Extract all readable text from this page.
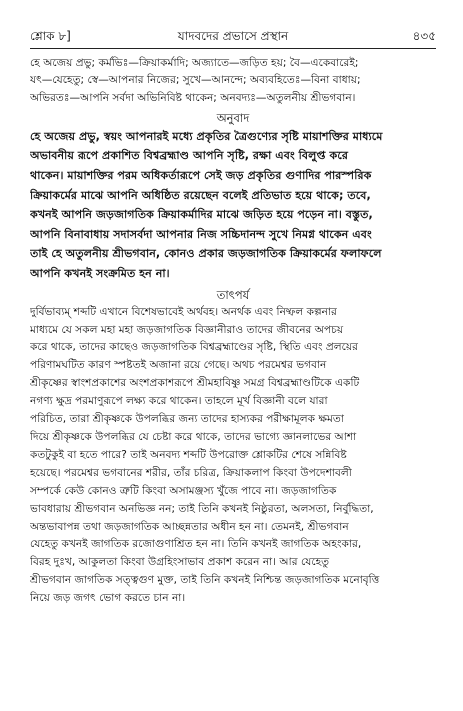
শ্লোক ৮]	যাদবদের প্রভাসে প্রস্থান	৪৩৫

হে অজেয় প্রভু; কর্মভিঃ—ক্রিয়াকর্মাদি; অজ্যাতে—জড়িত হয়; বৈ—একেবারেই;
যৎ—যেহেতু; স্বে—আপনার নিজের; সুখে—আনন্দে; অব্যবহিতেঃ—বিনা বাধায়;
অভিরতঃ—আপনি সর্বদা অভিনিবিষ্ট থাকেন; অনবদ্যঃ—অতুলনীয় শ্রীভগবান।

অনুবাদ

হে অজেয় প্রভু, স্বয়ং আপনারই মধ্যে প্রকৃতির ত্রৈগুণ্যের সৃষ্টি মায়াশক্তির মাধ্যমে
অভাবনীয় রূপে প্রকাশিত বিশ্বব্রহ্মাণ্ড আপনি সৃষ্টি, রক্ষা এবং বিলুপ্ত করে
থাকেন। মায়াশক্তির পরম অধিকর্তারূপে সেই জড় প্রকৃতির গুণাদির পারস্পরিক
ক্রিয়াকর্মের মাঝে আপনি অধিষ্ঠিত রয়েছেন বলেই প্রতিভাত হয়ে থাকে; তবে,
কখনই আপনি জড়জাগতিক ক্রিয়াকর্মাদির মাঝে জড়িত হয়ে পড়েন না। বস্তুত,
আপনি বিনাবাধায় সদাসর্বদা আপনার নিজ সচ্চিদানন্দ সুখে নিমগ্ন থাকেন এবং
তাই হে অতুলনীয় শ্রীভগবান, কোনও প্রকার জড়জাগতিক ক্রিয়াকর্মের ফলাফলে
আপনি কখনই সংক্রমিত হন না।

তাৎপর্য

দুর্বিভাব্যম্ শব্দটি এখানে বিশেষভাবেই অর্থবহ। অনর্থক এবং নিষ্ফল কল্পনার
মাধ্যমে যে সকল মহা মহা জড়জাগতিক বিজ্ঞানীরাও তাদের জীবনের অপচয়
করে থাকে, তাদের কাছেও জড়জাগতিক বিশ্বব্রহ্মাণ্ডের সৃষ্টি, স্থিতি এবং প্রলয়ের
পরিণামঘটিত কারণ স্পষ্টতই অজানা রয়ে গেছে। অথচ পরমেশ্বর ভগবান
শ্রীকৃষ্ণের স্বাংশপ্রকাশের অংশপ্রকাশরূপে শ্রীমহাবিষ্ণু সমগ্র বিশ্বব্রহ্মাণ্ডটিকে একটি
নগণ্য ক্ষুদ্র পরমাণুরূপে লক্ষ্য করে থাকেন। তাহলে মূর্খ বিজ্ঞানী বলে যারা
পরিচিত, তারা শ্রীকৃষ্ণকে উপলব্ধির জন্য তাদের হাস্যকর পরীক্ষামূলক ক্ষমতা
দিয়ে শ্রীকৃষ্ণকে উপলব্ধির যে চেষ্টা করে থাকে, তাদের ভাগ্যে জ্ঞানলাভের আশা
কতটুকুই বা হতে পারে? তাই অনবদ্য শব্দটি উপরোক্ত শ্লোকটির শেষে সন্নিবিষ্ট
হয়েছে। পরমেশ্বর ভগবানের শরীর, তাঁর চরিত্র, ক্রিয়াকলাপ কিংবা উপদেশাবলী
সম্পর্কে কেউ কোনও ত্রুটি কিংবা অসামঞ্জস্য খুঁজে পাবে না। জড়জাগতিক
ভাবধারায় শ্রীভগবান অনভিজ্ঞ নন; তাই তিনি কখনই নিষ্ঠুরতা, অলসতা, নির্বুদ্ধিতা,
অন্তভাবাপন্ন তথা জড়জাগতিক আচ্ছন্নতার অধীন হন না। তেমনই, শ্রীভগবান
যেহেতু কখনই জাগতিক রজোগুণাশ্রিত হন না। তিনি কখনই জাগতিক অহংকার,
বিরহ দুঃখ, আকুলতা কিংবা উগ্রহিংসাভাব প্রকাশ করেন না। আর যেহেতু
শ্রীভগবান জাগতিক সত্ত্বগুণ মুক্ত, তাই তিনি কখনই নিশ্চিন্ত জড়জাগতিক মনোবৃত্তি
নিয়ে জড় জগৎ ভোগ করতে চান না।
